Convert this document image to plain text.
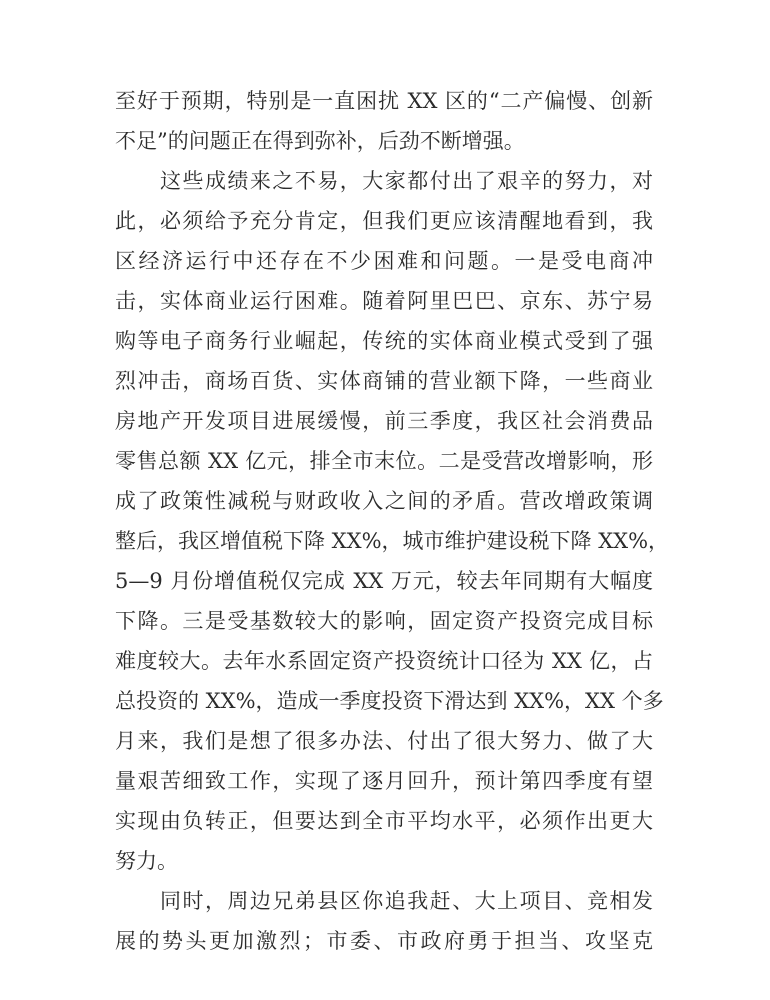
至好于预期，特别是一直困扰 XX 区的“二产偏慢、创新
不足”的问题正在得到弥补，后劲不断增强。
这些成绩来之不易，大家都付出了艰辛的努力，对
此，必须给予充分肯定，但我们更应该清醒地看到，我
区经济运行中还存在不少困难和问题。一是受电商冲
击，实体商业运行困难。随着阿里巴巴、京东、苏宁易
购等电子商务行业崛起，传统的实体商业模式受到了强
烈冲击，商场百货、实体商铺的营业额下降，一些商业
房地产开发项目进展缓慢，前三季度，我区社会消费品
零售总额 XX 亿元，排全市末位。二是受营改增影响，形
成了政策性减税与财政收入之间的矛盾。营改增政策调
整后，我区增值税下降 XX%，城市维护建设税下降 XX%，
5—9 月份增值税仅完成 XX 万元，较去年同期有大幅度
下降。三是受基数较大的影响，固定资产投资完成目标
难度较大。去年水系固定资产投资统计口径为 XX 亿，占
总投资的 XX%，造成一季度投资下滑达到 XX%，XX 个多
月来，我们是想了很多办法、付出了很大努力、做了大
量艰苦细致工作，实现了逐月回升，预计第四季度有望
实现由负转正，但要达到全市平均水平，必须作出更大
努力。
同时，周边兄弟县区你追我赶、大上项目、竞相发
展的势头更加激烈；市委、市政府勇于担当、攻坚克
